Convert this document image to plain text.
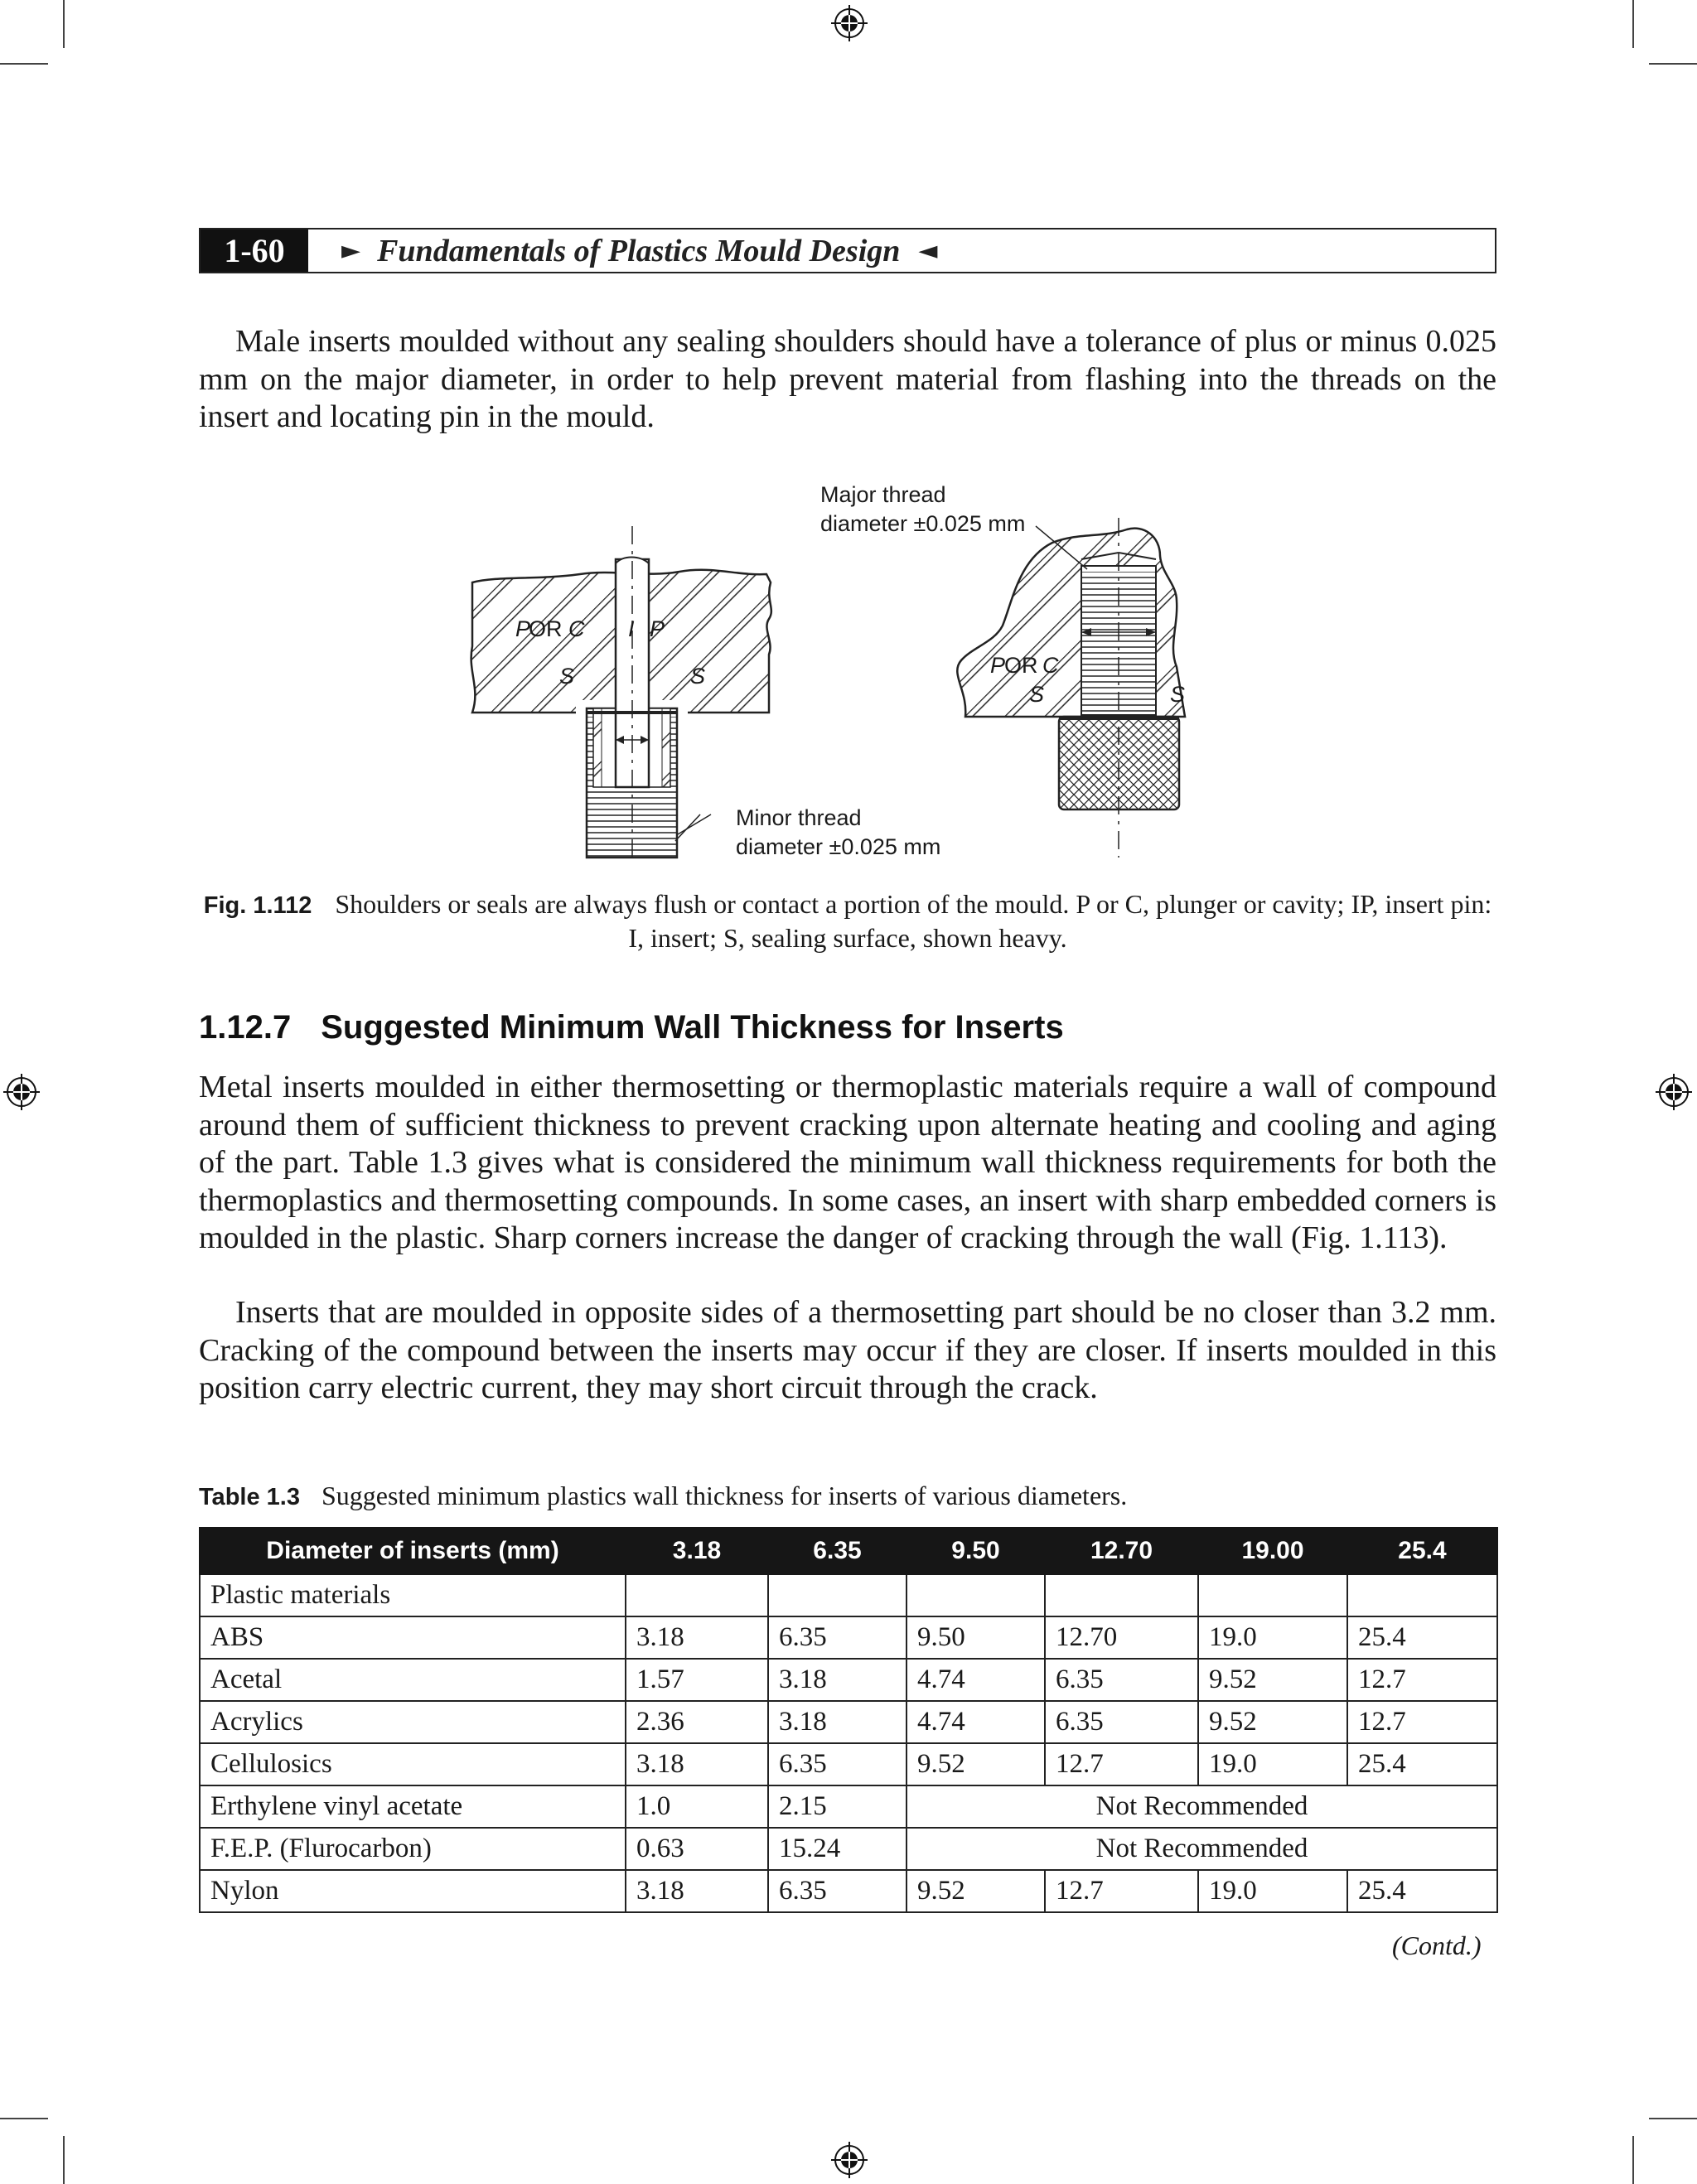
1-60	► Fundamentals of Plastics Mould Design ◄

Male inserts moulded without any sealing shoulders should have a tolerance of plus or minus 0.025 mm on the major diameter, in order to help prevent material from flashing into the threads on the insert and locating pin in the mould.

P
OR C
S
I P
S
Minor thread
diameter ±0.025 mm
Major thread
diameter ±0.025 mm
P
OR C
S	S
Fig. 1.112 Shoulders or seals are always flush or contact a portion of the mould. P or C, plunger or cavity; IP, insert pin: I, insert; S, sealing surface, shown heavy.
1.12.7 Suggested Minimum Wall Thickness for Inserts

Metal inserts moulded in either thermosetting or thermoplastic materials require a wall of compound around them of sufficient thickness to prevent cracking upon alternate heating and cooling and aging of the part. Table 1.3 gives what is considered the minimum wall thickness requirements for both the thermoplastics and thermosetting compounds. In some cases, an insert with sharp embedded corners is moulded in the plastic. Sharp corners increase the danger of cracking through the wall (Fig. 1.113).

Inserts that are moulded in opposite sides of a thermosetting part should be no closer than 3.2 mm. Cracking of the compound between the inserts may occur if they are closer. If inserts moulded in this position carry electric current, they may short circuit through the crack.

Table 1.3 Suggested minimum plastics wall thickness for inserts of various diameters.
Diameter of inserts (mm)	3.18	6.35	9.50	12.70	19.00	25.4
Plastic materials						
ABS	3.18	6.35	9.50	12.70	19.0	25.4
Acetal	1.57	3.18	4.74	6.35	9.52	12.7
Acrylics	2.36	3.18	4.74	6.35	9.52	12.7
Cellulosics	3.18	6.35	9.52	12.7	19.0	25.4
Erthylene vinyl acetate	1.0	2.15	Not Recommended			
F.E.P. (Flurocarbon)	0.63	15.24	Not Recommended			
Nylon	3.18	6.35	9.52	12.7	19.0	25.4
(Contd.)
